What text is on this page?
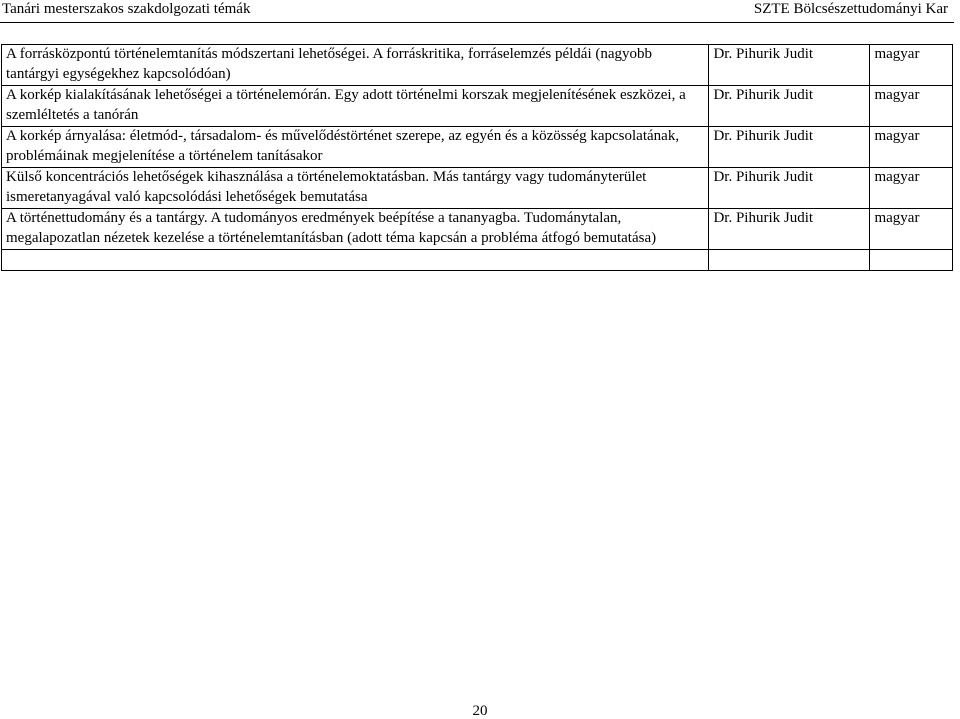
Tanári mesterszakos szakdolgozati témák	SZTE Bölcsészettudományi Kar
A forrásközpontú történelemtanítás módszertani lehetőségei. A forráskritika, forráselemzés példái (nagyobb tantárgyi egységekhez kapcsolódóan)	Dr. Pihurik Judit	magyar
A korkép kialakításának lehetőségei a történelemórán. Egy adott történelmi korszak megjelenítésének eszközei, a szemléltetés a tanórán	Dr. Pihurik Judit	magyar
A korkép árnyalása: életmód-, társadalom- és művelődéstörténet szerepe, az egyén és a közösség kapcsolatának, problémáinak megjelenítése a történelem tanításakor	Dr. Pihurik Judit	magyar
Külső koncentrációs lehetőségek kihasználása a történelemoktatásban. Más tantárgy vagy tudományterület ismeretanyagával való kapcsolódási lehetőségek bemutatása	Dr. Pihurik Judit	magyar
A történettudomány és a tantárgy. A tudományos eredmények beépítése a tananyagba. Tudománytalan, megalapozatlan nézetek kezelése a történelemtanításban (adott téma kapcsán a probléma átfogó bemutatása)	Dr. Pihurik Judit	magyar

20
